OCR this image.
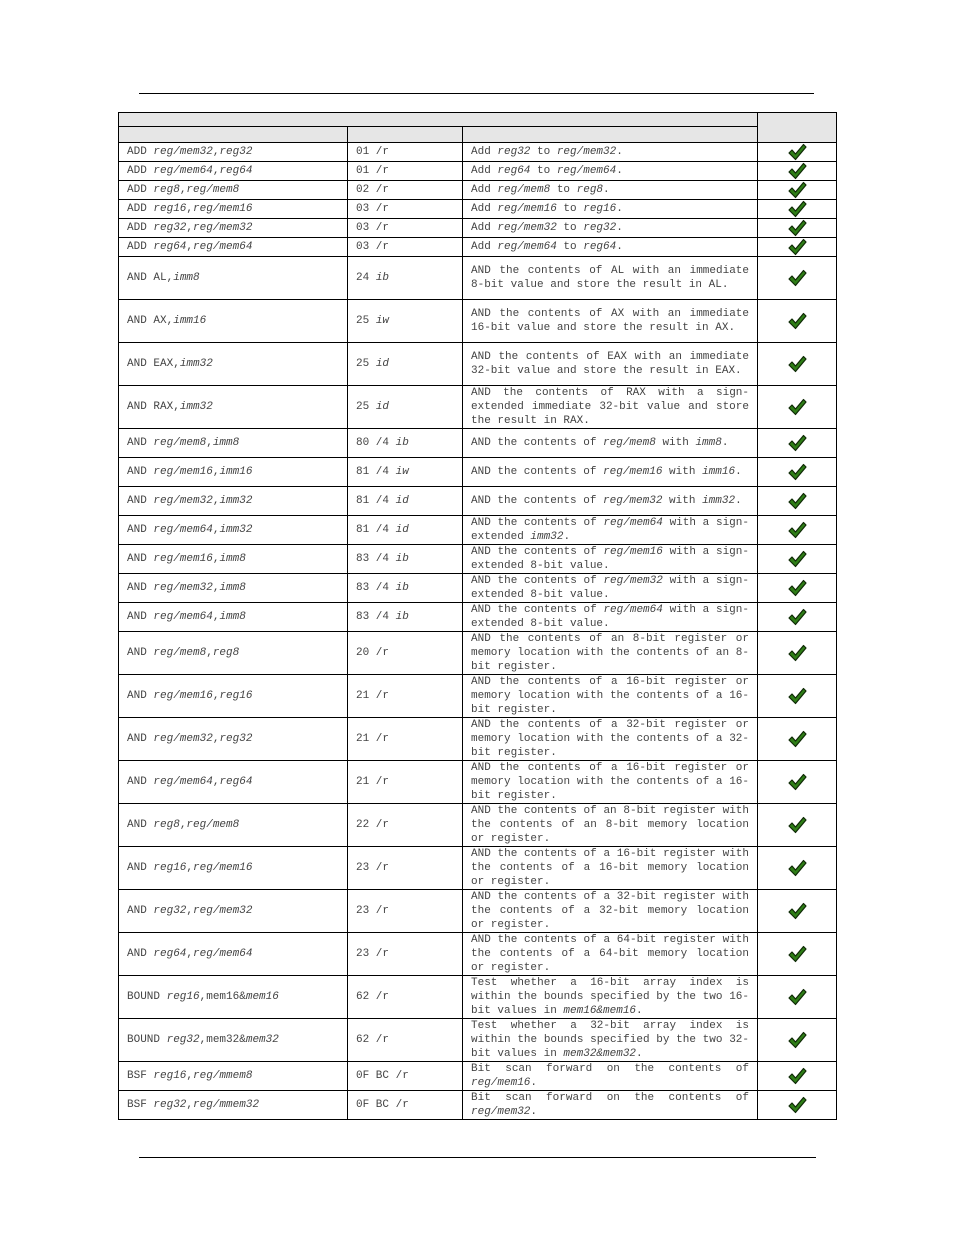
ADD reg/mem32,reg32	01 /r	Add reg32 to reg/mem32.	
ADD reg/mem64,reg64	01 /r	Add reg64 to reg/mem64.	
ADD reg8,reg/mem8	02 /r	Add reg/mem8 to reg8.	
ADD reg16,reg/mem16	03 /r	Add reg/mem16 to reg16.	
ADD reg32,reg/mem32	03 /r	Add reg/mem32 to reg32.	
ADD reg64,reg/mem64	03 /r	Add reg/mem64 to reg64.	
AND AL,imm8	24 ib	AND the contents of AL with an immediate 8-bit value and store the result in AL.	
AND AX,imm16	25 iw	AND the contents of AX with an immediate 16-bit value and store the result in AX.	
AND EAX,imm32	25 id	AND the contents of EAX with an immediate 32-bit value and store the result in EAX.	
AND RAX,imm32	25 id	AND the contents of RAX with a sign-extended immediate 32-bit value and store the result in RAX.	
AND reg/mem8,imm8	80 /4 ib	AND the contents of reg/mem8 with imm8.	
AND reg/mem16,imm16	81 /4 iw	AND the contents of reg/mem16 with imm16.	
AND reg/mem32,imm32	81 /4 id	AND the contents of reg/mem32 with imm32.	
AND reg/mem64,imm32	81 /4 id	AND the contents of reg/mem64 with a sign-extended imm32.	
AND reg/mem16,imm8	83 /4 ib	AND the contents of reg/mem16 with a sign-extended 8-bit value.	
AND reg/mem32,imm8	83 /4 ib	AND the contents of reg/mem32 with a sign-extended 8-bit value.	
AND reg/mem64,imm8	83 /4 ib	AND the contents of reg/mem64 with a sign-extended 8-bit value.	
AND reg/mem8,reg8	20 /r	AND the contents of an 8-bit register or memory location with the contents of an 8-bit register.	
AND reg/mem16,reg16	21 /r	AND the contents of a 16-bit register or memory location with the contents of a 16-bit register.	
AND reg/mem32,reg32	21 /r	AND the contents of a 32-bit register or memory location with the contents of a 32-bit register.	
AND reg/mem64,reg64	21 /r	AND the contents of a 16-bit register or memory location with the contents of a 16-bit register.	
AND reg8,reg/mem8	22 /r	AND the contents of an 8-bit register with the contents of an 8-bit memory location or register.	
AND reg16,reg/mem16	23 /r	AND the contents of a 16-bit register with the contents of a 16-bit memory location or register.	
AND reg32,reg/mem32	23 /r	AND the contents of a 32-bit register with the contents of a 32-bit memory location or register.	
AND reg64,reg/mem64	23 /r	AND the contents of a 64-bit register with the contents of a 64-bit memory location or register.	
BOUND reg16,mem16&mem16	62 /r	Test whether a 16-bit array index is within the bounds specified by the two 16-bit values in mem16&mem16.	
BOUND reg32,mem32&mem32	62 /r	Test whether a 32-bit array index is within the bounds specified by the two 32-bit values in mem32&mem32.	
BSF reg16,reg/mmem8	0F BC /r	Bit scan forward on the contents of reg/mem16.	
BSF reg32,reg/mmem32	0F BC /r	Bit scan forward on the contents of reg/mem32.	
